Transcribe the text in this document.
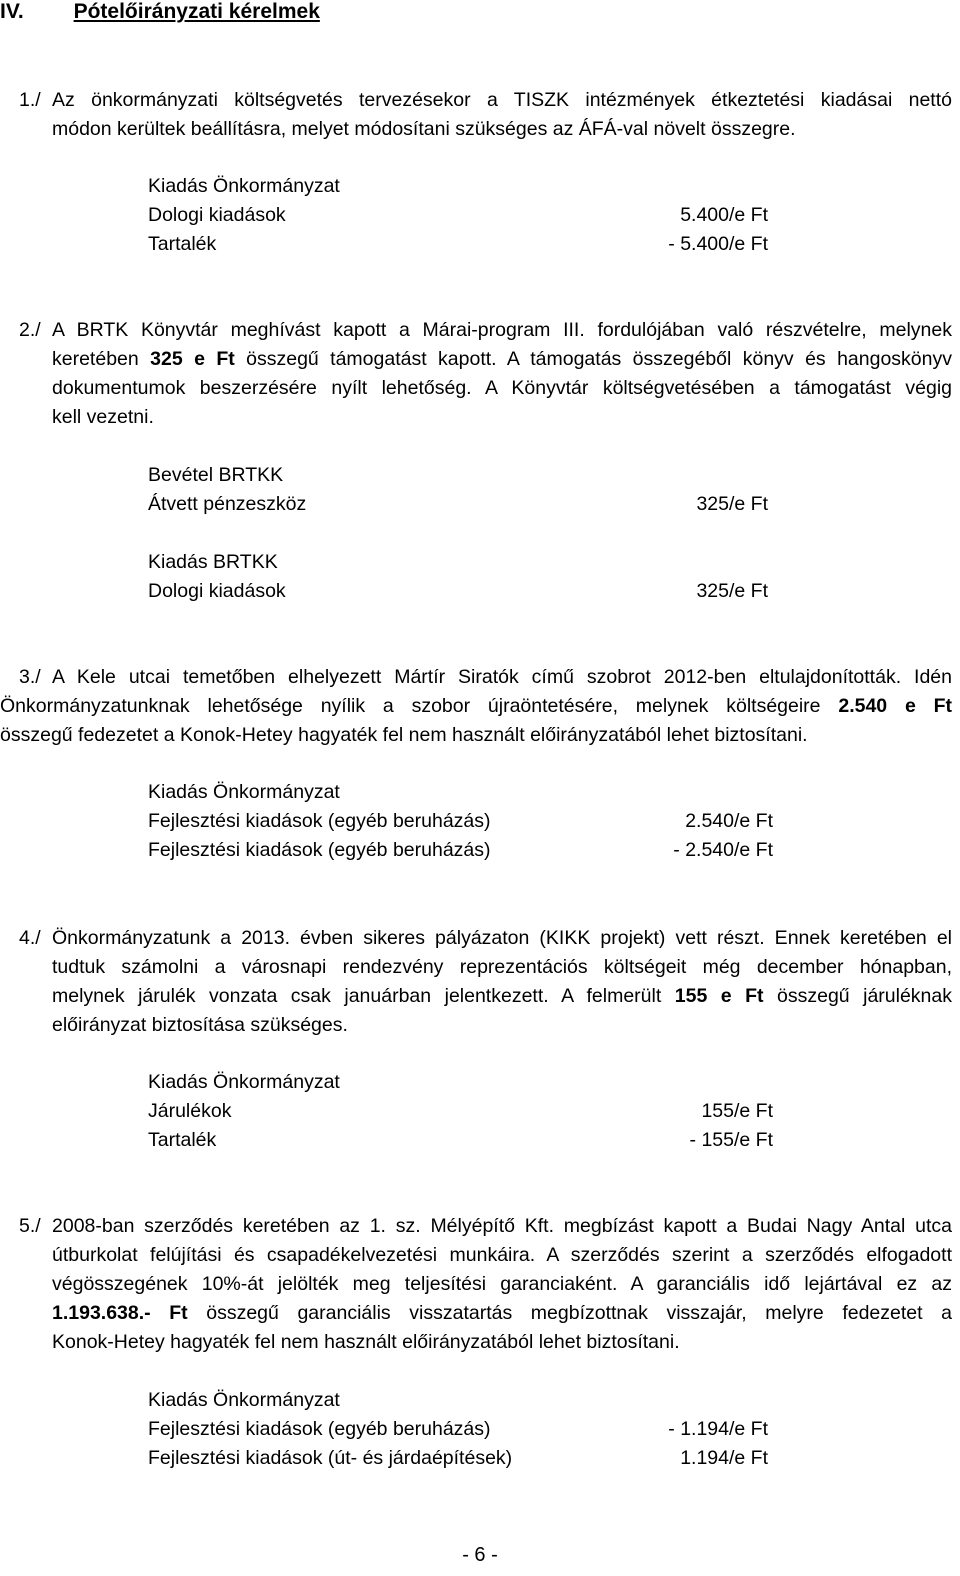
IV. Pótelőirányzati kérelmek
1./ Az önkormányzati költségvetés tervezésekor a TISZK intézmények étkeztetési kiadásai nettó
módon kerültek beállításra, melyet módosítani szükséges az ÁFÁ-val növelt összegre.
Kiadás Önkormányzat
Dologi kiadások	5.400/e Ft
Tartalék	- 5.400/e Ft
2./ A BRTK Könyvtár meghívást kapott a Márai-program III. fordulójában való részvételre, melynek
keretében 325 e Ft összegű támogatást kapott. A támogatás összegéből könyv és hangoskönyv
dokumentumok beszerzésére nyílt lehetőség. A Könyvtár költségvetésében a támogatást végig
kell vezetni.
Bevétel BRTKK
Átvett pénzeszköz	325/e Ft
Kiadás BRTKK
Dologi kiadások	325/e Ft
3./ A Kele utcai temetőben elhelyezett Mártír Siratók című szobrot 2012-ben eltulajdonították. Idén
Önkormányzatunknak lehetősége nyílik a szobor újraöntetésére, melynek költségeire 2.540 e Ft
összegű fedezetet a Konok-Hetey hagyaték fel nem használt előirányzatából lehet biztosítani.
Kiadás Önkormányzat
Fejlesztési kiadások (egyéb beruházás)	2.540/e Ft
Fejlesztési kiadások (egyéb beruházás)	- 2.540/e Ft
4./ Önkormányzatunk a 2013. évben sikeres pályázaton (KIKK projekt) vett részt. Ennek keretében el
tudtuk számolni a városnapi rendezvény reprezentációs költségeit még december hónapban,
melynek járulék vonzata csak januárban jelentkezett. A felmerült 155 e Ft összegű járuléknak
előirányzat biztosítása szükséges.
Kiadás Önkormányzat
Járulékok	155/e Ft
Tartalék	- 155/e Ft
5./ 2008-ban szerződés keretében az 1. sz. Mélyépítő Kft. megbízást kapott a Budai Nagy Antal utca
útburkolat felújítási és csapadékelvezetési munkáira. A szerződés szerint a szerződés elfogadott
végösszegének 10%-át jelölték meg teljesítési garanciaként. A garanciális idő lejártával ez az
1.193.638.- Ft összegű garanciális visszatartás megbízottnak visszajár, melyre fedezetet a
Konok-Hetey hagyaték fel nem használt előirányzatából lehet biztosítani.
Kiadás Önkormányzat
Fejlesztési kiadások (egyéb beruházás)	- 1.194/e Ft
Fejlesztési kiadások (út- és járdaépítések)	1.194/e Ft
- 6 -
